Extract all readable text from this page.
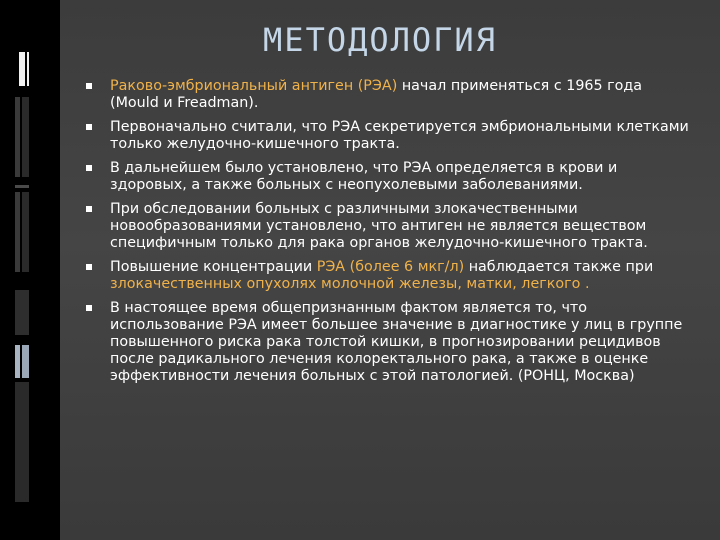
МЕТОДОЛОГИЯ
Раково-эмбриональный антиген (РЭА) начал применяться с 1965 года (Mould и Freadman).
Первоначально считали, что РЭА секретируется эмбриональными клетками только желудочно-кишечного тракта.
В дальнейшем было установлено, что РЭА определяется в крови и здоровых, а также больных с неопухолевыми заболеваниями.
При обследовании больных с различными злокачественными новообразованиями установлено, что антиген не является веществом специфичным только для рака органов желудочно-кишечного тракта.
Повышение концентрации РЭА (более 6 мкг/л) наблюдается также при злокачественных опухолях молочной железы, матки, легкого .
В настоящее время общепризнанным фактом является то, что использование РЭА имеет большее значение в диагностике у лиц в группе повышенного риска рака толстой кишки, в прогнозировании рецидивов после радикального лечения колоректального рака, а также в оценке эффективности лечения больных с этой патологией. (РОНЦ, Москва)
